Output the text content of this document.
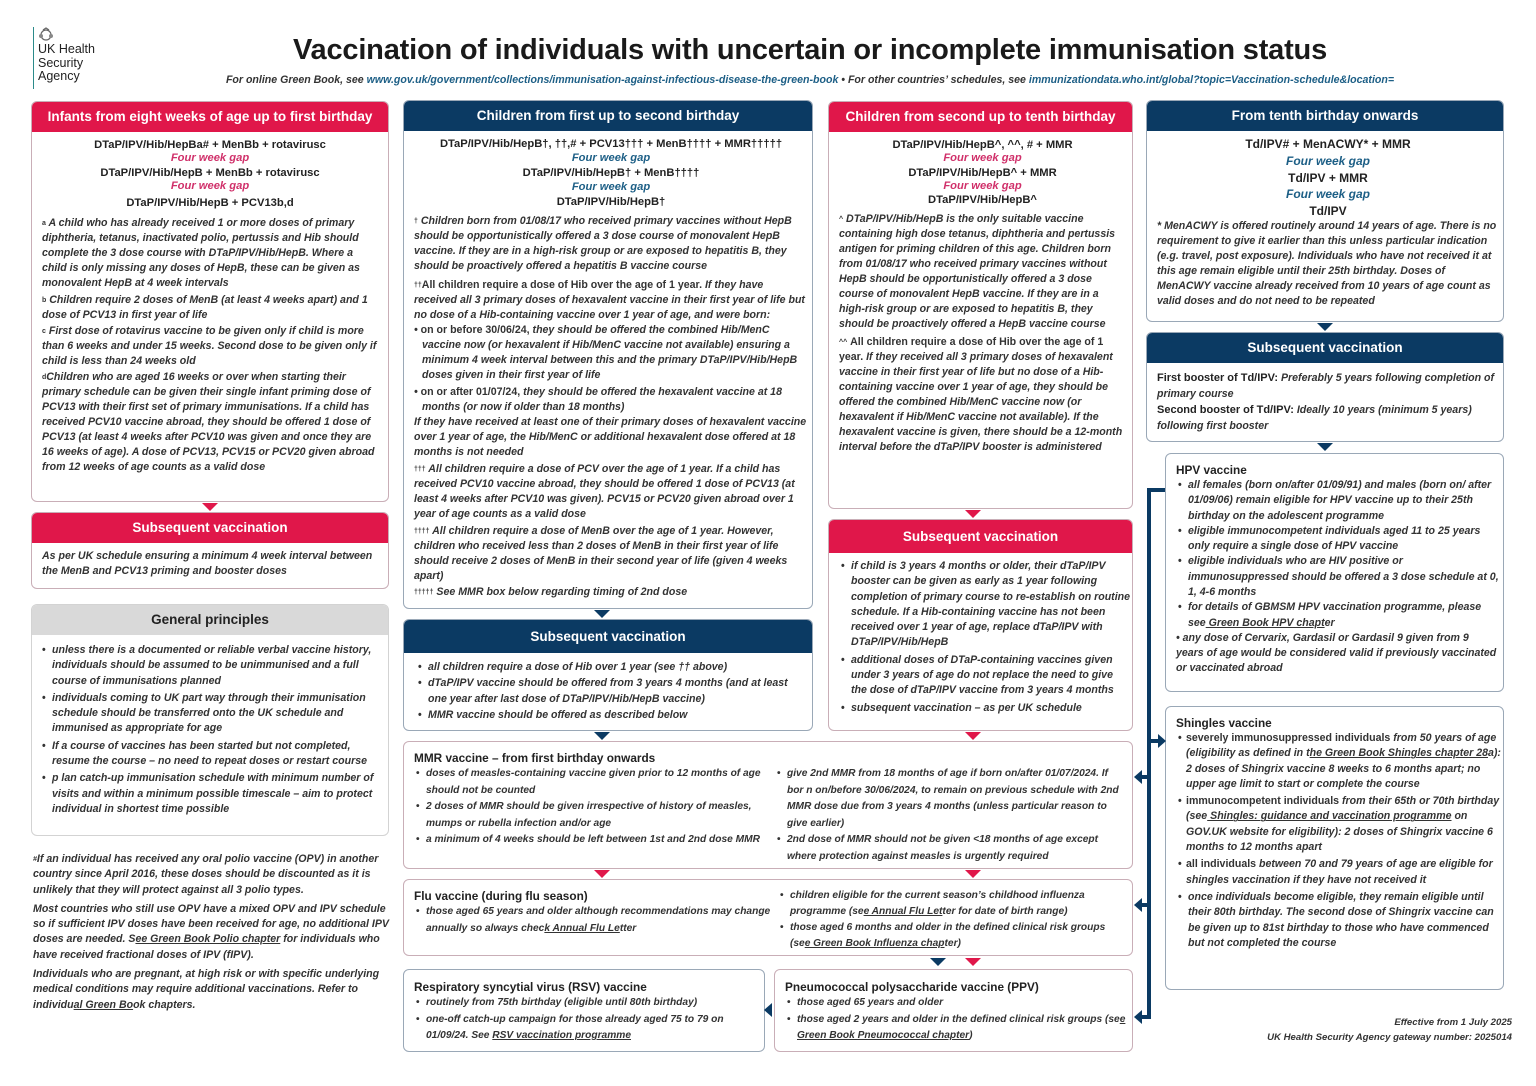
UK Health
Security
Agency
Vaccination of individuals with uncertain or incomplete immunisation status
For online Green Book, see www.gov.uk/government/collections/immunisation-against-infectious-disease-the-green-book • For other countries’ schedules, see immunizationdata.who.int/global?topic=Vaccination-schedule&location=
Infants from eight weeks of age up to first birthday
DTaP/IPV/Hib/HepBa# + MenBb + rotavirusc
Four week gap
DTaP/IPV/Hib/HepB + MenBb + rotavirusc
Four week gap
DTaP/IPV/Hib/HepB + PCV13b,d
$^a$ A child who has already received 1 or more doses of primary diphtheria, tetanus, inactivated polio, pertussis and Hib should complete the 3 dose course with DTaP/IPV/Hib/HepB. Where a child is only missing any doses of HepB, these can be given as monovalent HepB at 4 week intervals
$^b$ Children require 2 doses of MenB (at least 4 weeks apart) and 1 dose of PCV13 in first year of life
$^c$ First dose of rotavirus vaccine to be given only if child is more than 6 weeks and under 15 weeks. Second dose to be given only if child is less than 24 weeks old
$^d$Children who are aged 16 weeks or over when starting their primary schedule can be given their single infant priming dose of PCV13 with their first set of primary immunisations. If a child has received PCV10 vaccine abroad, they should be offered 1 dose of PCV13 (at least 4 weeks after PCV10 was given and once they are 16 weeks of age). A dose of PCV13, PCV15 or PCV20 given abroad from 12 weeks of age counts as a valid dose
Subsequent vaccination
As per UK schedule ensuring a minimum 4 week interval between the MenB and PCV13 priming and booster doses
General principles
• unless there is a documented or reliable verbal vaccine history, individuals should be assumed to be unimmunised and a full course of immunisations planned
• individuals coming to UK part way through their immunisation schedule should be transferred onto the UK schedule and immunised as appropriate for age
• If a course of vaccines has been started but not completed, resume the course – no need to repeat doses or restart course
• p lan catch-up immunisation schedule with minimum number of visits and within a minimum possible timescale – aim to protect individual in shortest time possible
#If an individual has received any oral polio vaccine (OPV) in another country since April 2016, these doses should be discounted as it is unlikely that they will protect against all 3 polio types.
Most countries who still use OPV have a mixed OPV and IPV schedule so if sufficient IPV doses have been received for age, no additional IPV doses are needed. See Green Book Polio chapter for individuals who have received fractional doses of IPV (fIPV).
Individuals who are pregnant, at high risk or with specific underlying medical conditions may require additional vaccinations. Refer to individual Green Book chapters.
Children from first up to second birthday
DTaP/IPV/Hib/HepB†, ††,# + PCV13††† + MenB†††† + MMR†††††
Four week gap
DTaP/IPV/Hib/HepB† + MenB††††
Four week gap
DTaP/IPV/Hib/HepB†
† Children born from 01/08/17 who received primary vaccines without HepB should be opportunistically offered a 3 dose course of monovalent HepB vaccine. If they are in a high-risk group or are exposed to hepatitis B, they should be proactively offered a hepatitis B vaccine course
††All children require a dose of Hib over the age of 1 year. If they have received all 3 primary doses of hexavalent vaccine in their first year of life but no dose of a Hib-containing vaccine over 1 year of age, and were born:
• on or before 30/06/24, they should be offered the combined Hib/MenC vaccine now (or hexavalent if Hib/MenC vaccine not available) ensuring a minimum 4 week interval between this and the primary DTaP/IPV/Hib/HepB doses given in their first year of life
• on or after 01/07/24, they should be offered the hexavalent vaccine at 18 months (or now if older than 18 months)
If they have received at least one of their primary doses of hexavalent vaccine over 1 year of age, the Hib/MenC or additional hexavalent dose offered at 18 months is not needed
††† All children require a dose of PCV over the age of 1 year. If a child has received PCV10 vaccine abroad, they should be offered 1 dose of PCV13 (at least 4 weeks after PCV10 was given). PCV15 or PCV20 given abroad over 1 year of age counts as a valid dose
†††† All children require a dose of MenB over the age of 1 year. However, children who received less than 2 doses of MenB in their first year of life should receive 2 doses of MenB in their second year of life (given 4 weeks apart)
††††† See MMR box below regarding timing of 2nd dose
Subsequent vaccination
• all children require a dose of Hib over 1 year (see †† above)
• dTaP/IPV vaccine should be offered from 3 years 4 months (and at least one year after last dose of DTaP/IPV/Hib/HepB vaccine)
• MMR vaccine should be offered as described below
Children from second up to tenth birthday
DTaP/IPV/Hib/HepB^, ^^, # + MMR
Four week gap
DTaP/IPV/Hib/HepB^ + MMR
Four week gap
DTaP/IPV/Hib/HepB^
^ DTaP/IPV/Hib/HepB is the only suitable vaccine containing high dose tetanus, diphtheria and pertussis antigen for priming children of this age. Children born from 01/08/17 who received primary vaccines without HepB should be opportunistically offered a 3 dose course of monovalent HepB vaccine. If they are in a high-risk group or are exposed to hepatitis B, they should be proactively offered a HepB vaccine course
^^ All children require a dose of Hib over the age of 1 year. If they received all 3 primary doses of hexavalent vaccine in their first year of life but no dose of a Hib-containing vaccine over 1 year of age, they should be offered the combined Hib/MenC vaccine now (or hexavalent if Hib/MenC vaccine not available). If the hexavalent vaccine is given, there should be a 12-month interval before the dTaP/IPV booster is administered
Subsequent vaccination
• if child is 3 years 4 months or older, their dTaP/IPV booster can be given as early as 1 year following completion of primary course to re-establish on routine schedule. If a Hib-containing vaccine has not been received over 1 year of age, replace dTaP/IPV with DTaP/IPV/Hib/HepB
• additional doses of DTaP-containing vaccines given under 3 years of age do not replace the need to give the dose of dTaP/IPV vaccine from 3 years 4 months
• subsequent vaccination – as per UK schedule
From tenth birthday onwards
Td/IPV# + MenACWY* + MMR
Four week gap
Td/IPV + MMR
Four week gap
Td/IPV
* MenACWY is offered routinely around 14 years of age. There is no requirement to give it earlier than this unless particular indication (e.g. travel, post exposure). Individuals who have not received it at this age remain eligible until their 25th birthday. Doses of MenACWY vaccine already received from 10 years of age count as valid doses and do not need to be repeated
Subsequent vaccination
First booster of Td/IPV: Preferably 5 years following completion of primary course
Second booster of Td/IPV: Ideally 10 years (minimum 5 years) following first booster
HPV vaccine
• all females (born on/after 01/09/91) and males (born on/ after 01/09/06) remain eligible for HPV vaccine up to their 25th birthday on the adolescent programme
• eligible immunocompetent individuals aged 11 to 25 years only require a single dose of HPV vaccine
• eligible individuals who are HIV positive or immunosuppressed should be offered a 3 dose schedule at 0, 1, 4-6 months
• for details of GBMSM HPV vaccination programme, please see Green Book HPV chapter
• any dose of Cervarix, Gardasil or Gardasil 9 given from 9 years of age would be considered valid if previously vaccinated or vaccinated abroad
Shingles vaccine
• severely immunosuppressed individuals from 50 years of age (eligibility as defined in the Green Book Shingles chapter 28a): 2 doses of Shingrix vaccine 8 weeks to 6 months apart; no upper age limit to start or complete the course
• immunocompetent individuals from their 65th or 70th birthday (see Shingles: guidance and vaccination programme on GOV.UK website for eligibility): 2 doses of Shingrix vaccine 6 months to 12 months apart
• all individuals between 70 and 79 years of age are eligible for shingles vaccination if they have not received it
• once individuals become eligible, they remain eligible until their 80th birthday. The second dose of Shingrix vaccine can be given up to 81st birthday to those who have commenced but not completed the course
MMR vaccine – from first birthday onwards
• doses of measles-containing vaccine given prior to 12 months of age should not be counted
• 2 doses of MMR should be given irrespective of history of measles, mumps or rubella infection and/or age
• a minimum of 4 weeks should be left between 1st and 2nd dose MMR
• give 2nd MMR from 18 months of age if born on/after 01/07/2024. If bor n on/before 30/06/2024, to remain on previous schedule with 2nd MMR dose due from 3 years 4 months (unless particular reason to give earlier)
• 2nd dose of MMR should not be given <18 months of age except where protection against measles is urgently required
Flu vaccine (during flu season)
• those aged 65 years and older although recommendations may change annually so always check Annual Flu Letter
• children eligible for the current season’s childhood influenza programme (see Annual Flu Letter for date of birth range)
• those aged 6 months and older in the defined clinical risk groups (see Green Book Influenza chapter)
Respiratory syncytial virus (RSV) vaccine
• routinely from 75th birthday (eligible until 80th birthday)
• one-off catch-up campaign for those already aged 75 to 79 on 01/09/24. See RSV vaccination programme
Pneumococcal polysaccharide vaccine (PPV)
• those aged 65 years and older
• those aged 2 years and older in the defined clinical risk groups (see Green Book Pneumococcal chapter)
Effective from 1 July 2025
UK Health Security Agency gateway number: 2025014
